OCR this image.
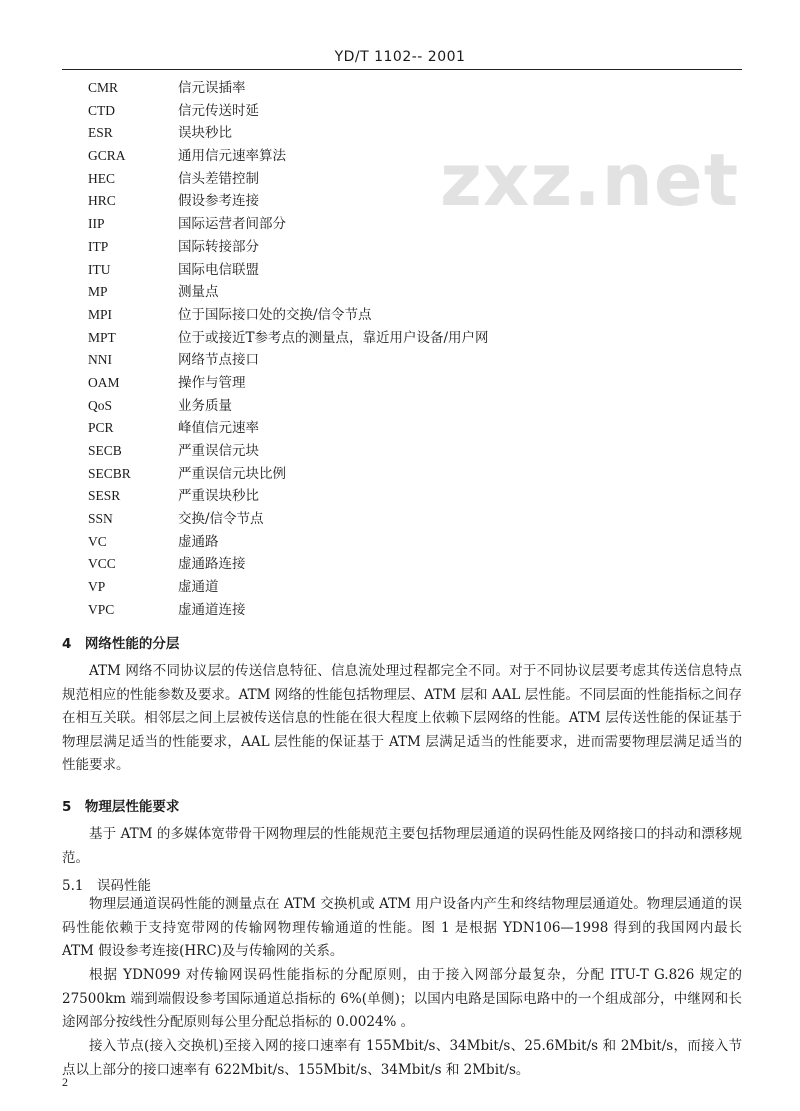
YD/T 1102-- 2001
zxz.net
CMR	信元误插率
CTD	信元传送时延
ESR	误块秒比
GCRA	通用信元速率算法
HEC	信头差错控制
HRC	假设参考连接
IIP	国际运营者间部分
ITP	国际转接部分
ITU	国际电信联盟
MP	测量点
MPI	位于国际接口处的交换/信令节点
MPT	位于或接近T参考点的测量点，靠近用户设备/用户网
NNI	网络节点接口
OAM	操作与管理
QoS	业务质量
PCR	峰值信元速率
SECB	严重误信元块
SECBR	严重误信元块比例
SESR	严重误块秒比
SSN	交换/信令节点
VC	虚通路
VCC	虚通路连接
VP	虚通道
VPC	虚通道连接
4　网络性能的分层
ATM 网络不同协议层的传送信息特征、信息流处理过程都完全不同。对于不同协议层要考虑其传送信息特点规范相应的性能参数及要求。ATM 网络的性能包括物理层、ATM 层和 AAL 层性能。不同层面的性能指标之间存在相互关联。相邻层之间上层被传送信息的性能在很大程度上依赖下层网络的性能。ATM 层传送性能的保证基于物理层满足适当的性能要求，AAL 层性能的保证基于 ATM 层满足适当的性能要求，进而需要物理层满足适当的性能要求。
5　物理层性能要求
基于 ATM 的多媒体宽带骨干网物理层的性能规范主要包括物理层通道的误码性能及网络接口的抖动和漂移规范。
5.1　误码性能
物理层通道误码性能的测量点在 ATM 交换机或 ATM 用户设备内产生和终结物理层通道处。物理层通道的误码性能依赖于支持宽带网的传输网物理传输通道的性能。图 1 是根据 YDN106—1998 得到的我国网内最长 ATM 假设参考连接(HRC)及与传输网的关系。
根据 YDN099 对传输网误码性能指标的分配原则，由于接入网部分最复杂，分配 ITU-T G.826 规定的 27500km 端到端假设参考国际通道总指标的 6%(单侧)；以国内电路是国际电路中的一个组成部分，中继网和长途网部分按线性分配原则每公里分配总指标的 0.0024% 。
接入节点(接入交换机)至接入网的接口速率有 155Mbit/s、34Mbit/s、25.6Mbit/s 和 2Mbit/s，而接入节点以上部分的接口速率有 622Mbit/s、155Mbit/s、34Mbit/s 和 2Mbit/s。
2
